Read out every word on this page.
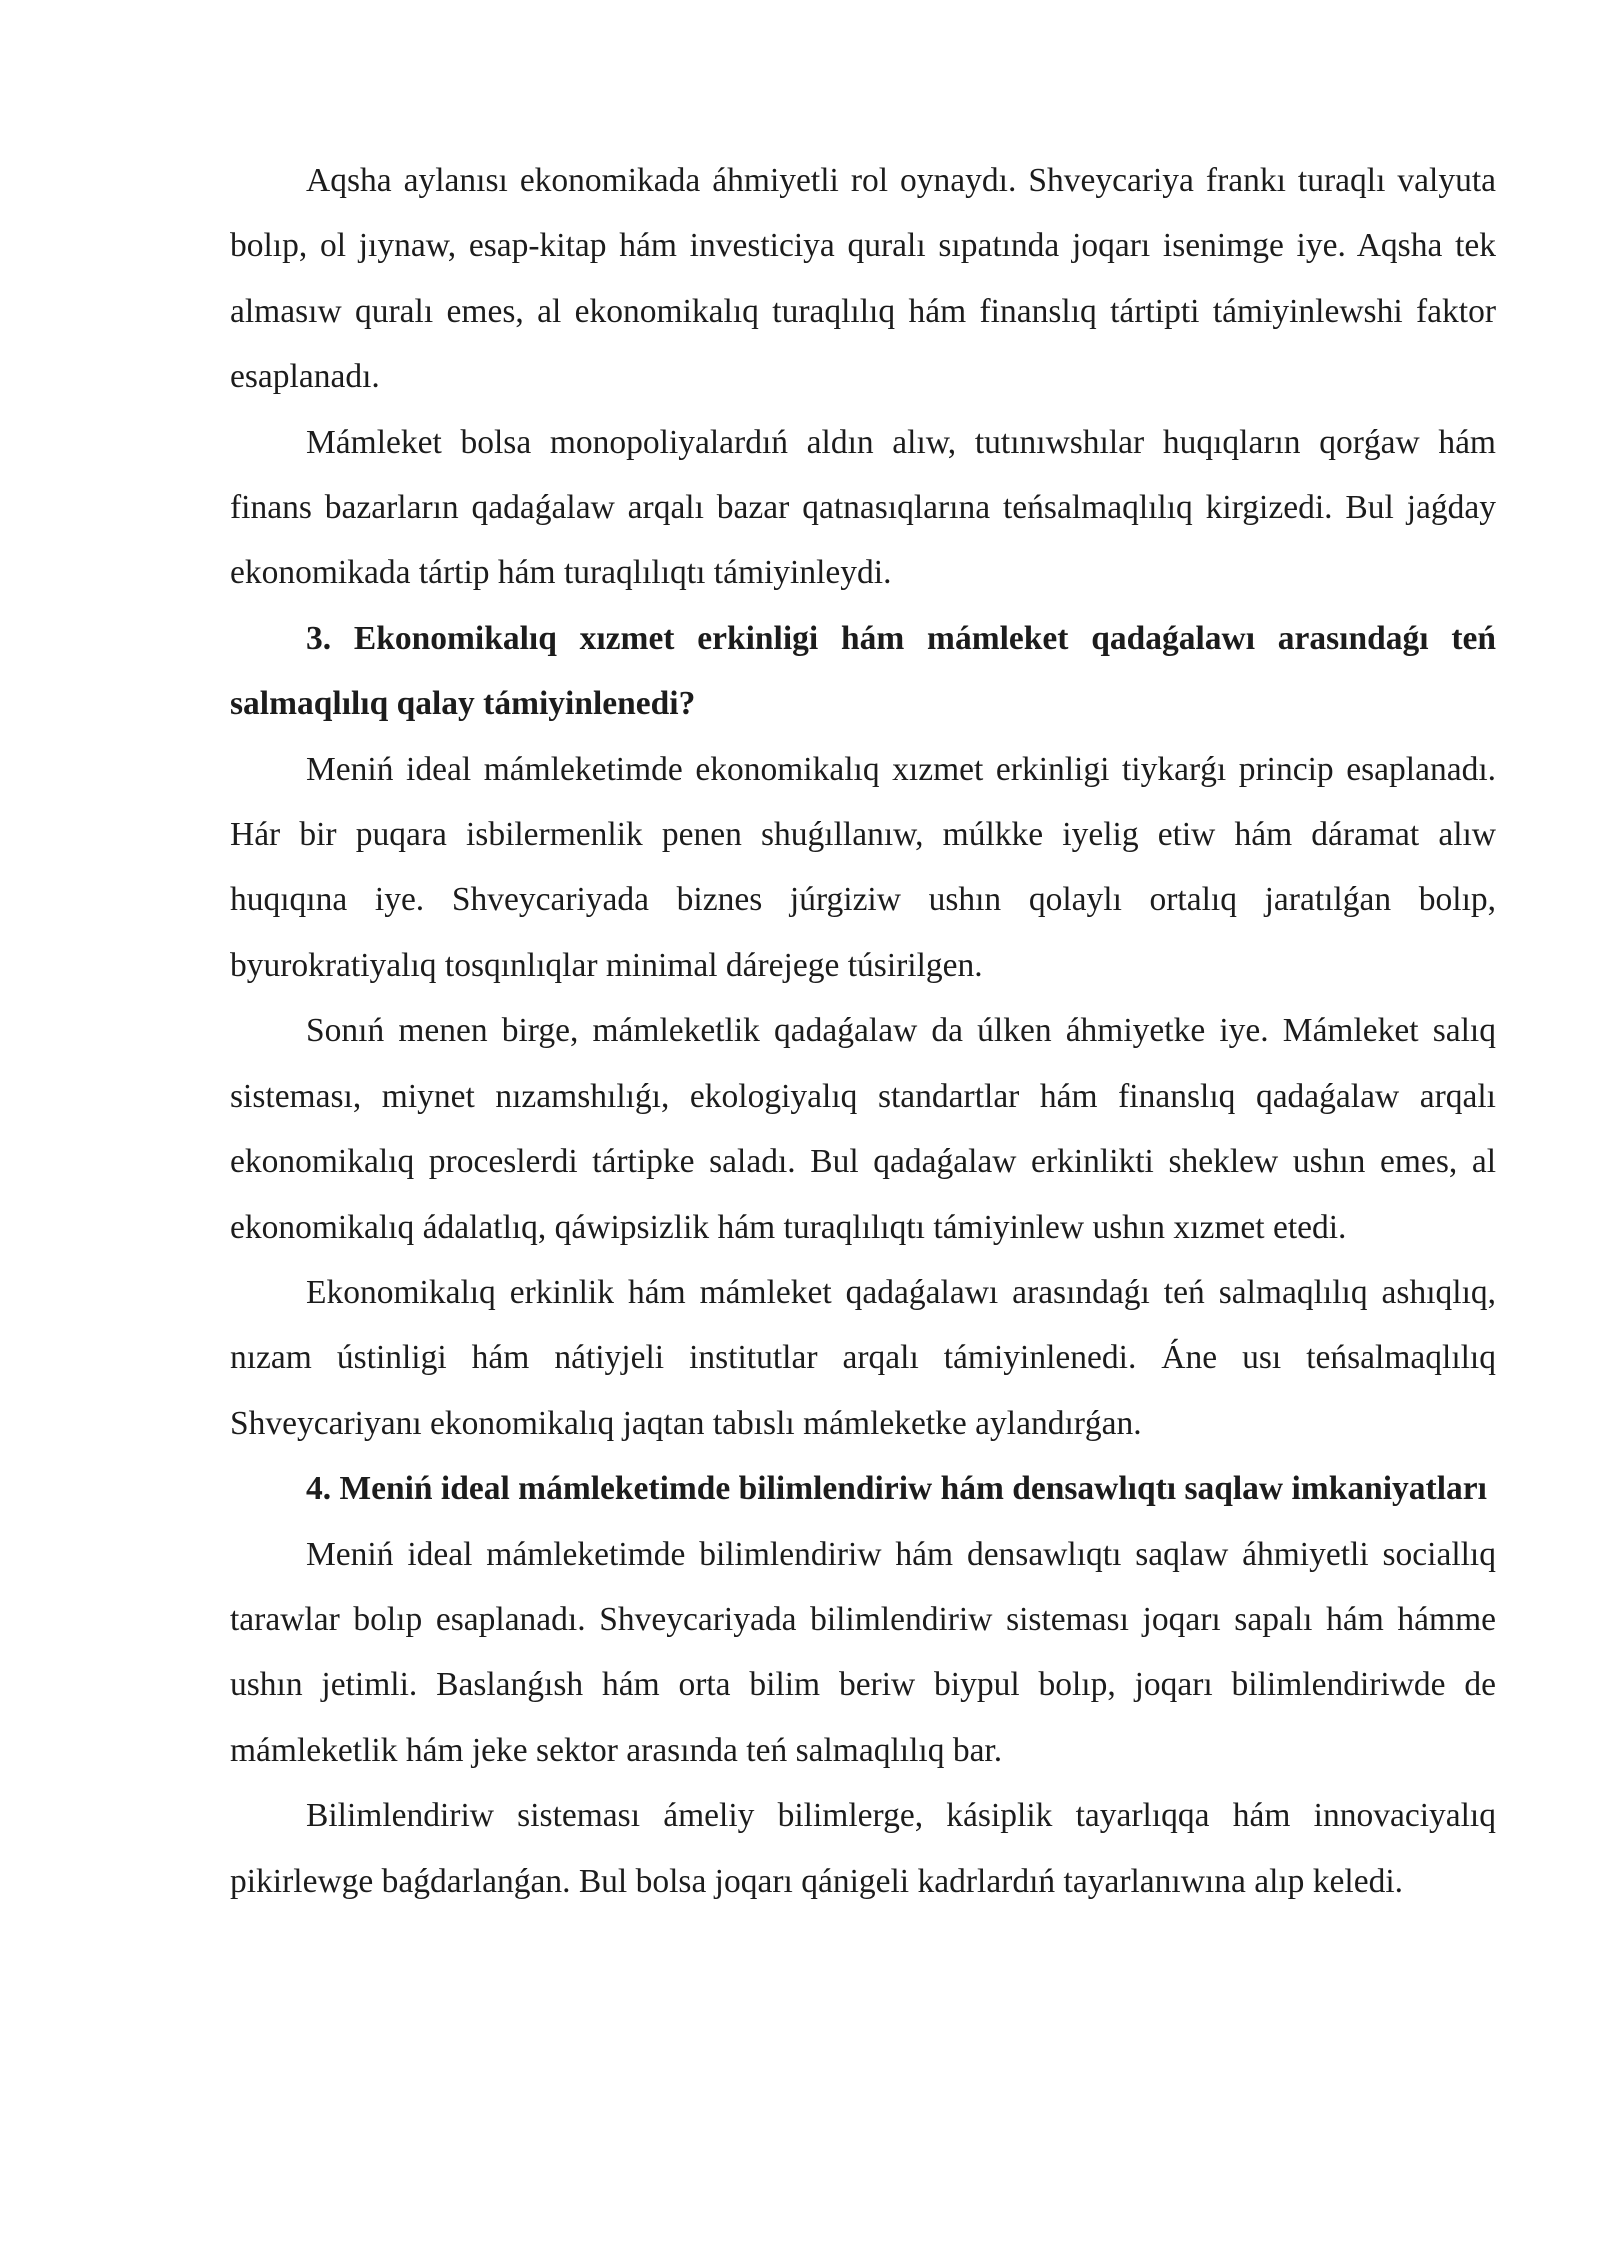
Aqsha aylanısı ekonomikada áhmiyetli rol oynaydı. Shveycariya frankı turaqlı valyuta bolıp, ol jıynaw, esap-kitap hám investiciya quralı sıpatında joqarı isenimge iye. Aqsha tek almasıw quralı emes, al ekonomikalıq turaqlılıq hám finanslıq tártipti támiyinlewshi faktor esaplanadı.

Mámleket bolsa monopoliyalardıń aldın alıw, tutınıwshılar huqıqların qorǵaw hám finans bazarların qadaǵalaw arqalı bazar qatnasıqlarına teńsalmaqlılıq kirgizedi. Bul jaǵday ekonomikada tártip hám turaqlılıqtı támiyinleydi.

3. Ekonomikalıq xızmet erkinligi hám mámleket qadaǵalawı arasındaǵı teń salmaqlılıq qalay támiyinlenedi?

Meniń ideal mámleketimde ekonomikalıq xızmet erkinligi tiykarǵı princip esaplanadı. Hár bir puqara isbilermenlik penen shuǵıllanıw, múlkke iyelig etiw hám dáramat alıw huqıqına iye. Shveycariyada biznes júrgiziw ushın qolaylı ortalıq jaratılǵan bolıp, byurokratiyalıq tosqınlıqlar minimal dárejege túsirilgen.

Sonıń menen birge, mámleketlik qadaǵalaw da úlken áhmiyetke iye. Mámleket salıq sisteması, miynet nızamshılıǵı, ekologiyalıq standartlar hám finanslıq qadaǵalaw arqalı ekonomikalıq proceslerdi tártipke saladı. Bul qadaǵalaw erkinlikti sheklew ushın emes, al ekonomikalıq ádalatlıq, qáwipsizlik hám turaqlılıqtı támiyinlew ushın xızmet etedi.

Ekonomikalıq erkinlik hám mámleket qadaǵalawı arasındaǵı teń salmaqlılıq ashıqlıq, nızam ústinligi hám nátiyjeli institutlar arqalı támiyinlenedi. Áne usı teńsalmaqlılıq Shveycariyanı ekonomikalıq jaqtan tabıslı mámleketke aylandırǵan.

4. Meniń ideal mámleketimde bilimlendiriw hám densawlıqtı saqlaw imkaniyatları

Meniń ideal mámleketimde bilimlendiriw hám densawlıqtı saqlaw áhmiyetli sociallıq tarawlar bolıp esaplanadı. Shveycariyada bilimlendiriw sisteması joqarı sapalı hám hámme ushın jetimli. Baslanǵısh hám orta bilim beriw biypul bolıp, joqarı bilimlendiriwde de mámleketlik hám jeke sektor arasında teń salmaqlılıq bar.

Bilimlendiriw sisteması ámeliy bilimlerge, kásiplik tayarlıqqa hám innovaciyalıq pikirlewge baǵdarlanǵan. Bul bolsa joqarı qánigeli kadrlardıń tayarlanıwına alıp keledi.
